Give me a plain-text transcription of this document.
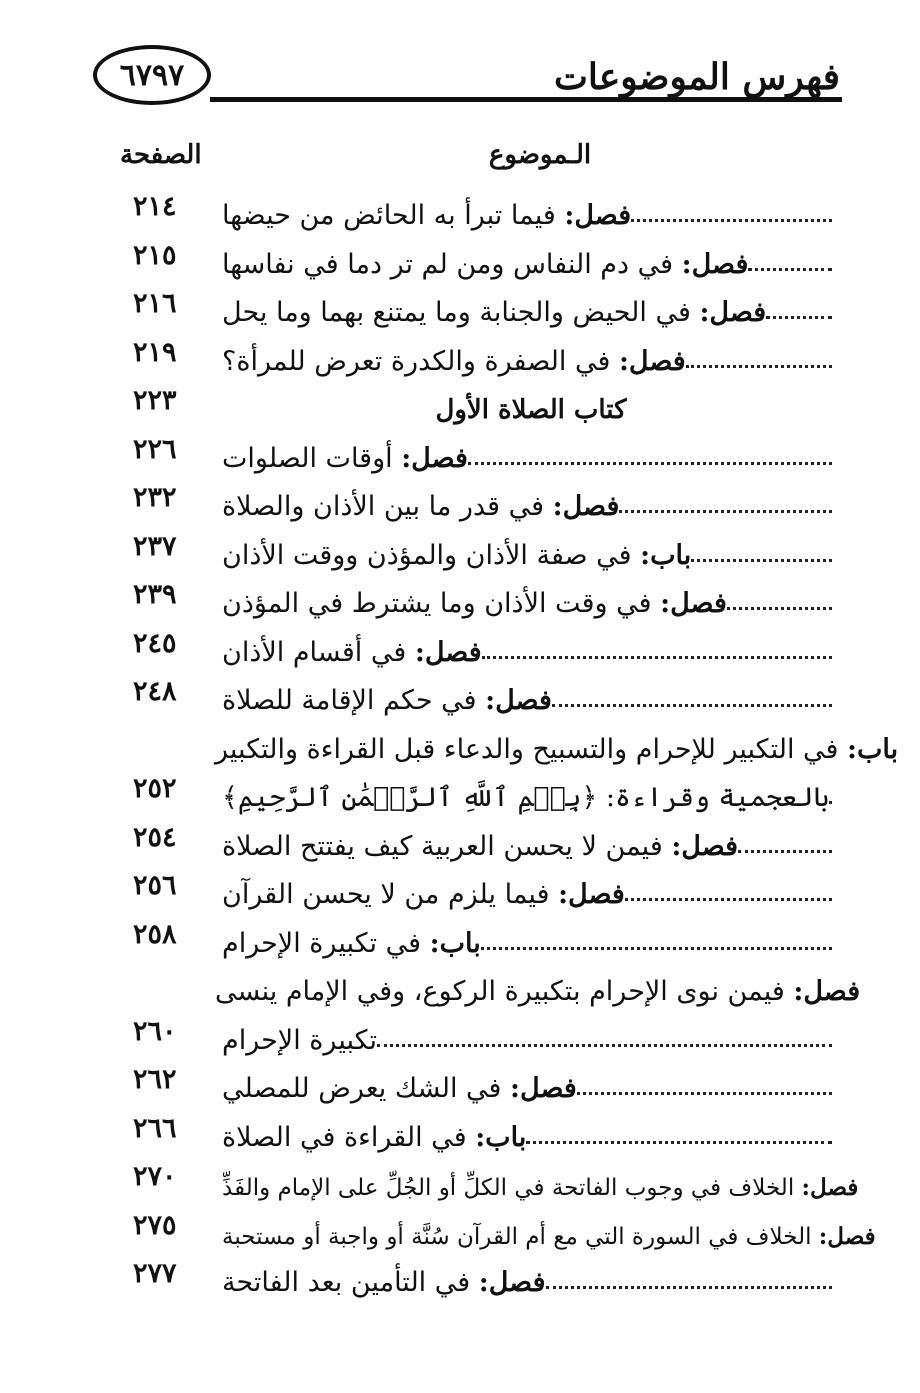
٦٧٩٧	فهرس الموضوعات
الصفحة	الـموضوع
٢١٤	فصل: فيما تبرأ به الحائض من حيضها
٢١٥	فصل: في دم النفاس ومن لم تر دما في نفاسها
٢١٦	فصل: في الحيض والجنابة وما يمتنع بهما وما يحل
٢١٩	فصل: في الصفرة والكدرة تعرض للمرأة؟
٢٢٣	كتاب الصلاة الأول
٢٢٦	فصل: أوقات الصلوات
٢٣٢	فصل: في قدر ما بين الأذان والصلاة
٢٣٧	باب: في صفة الأذان والمؤذن ووقت الأذان
٢٣٩	فصل: في وقت الأذان وما يشترط في المؤذن
٢٤٥	فصل: في أقسام الأذان
٢٤٨	فصل: في حكم الإقامة للصلاة
باب: في التكبير للإحرام والتسبيح والدعاء قبل القراءة والتكبير
٢٥٢	بالعجمية وقراءة: ﴿بِسۡمِ ٱللَّهِ ٱلرَّحۡمَٰنِ ٱلرَّحِيمِ﴾
٢٥٤	فصل: فيمن لا يحسن العربية كيف يفتتح الصلاة
٢٥٦	فصل: فيما يلزم من لا يحسن القرآن
٢٥٨	باب: في تكبيرة الإحرام
فصل: فيمن نوى الإحرام بتكبيرة الركوع، وفي الإمام ينسى
٢٦٠	تكبيرة الإحرام
٢٦٢	فصل: في الشك يعرض للمصلي
٢٦٦	باب: في القراءة في الصلاة
٢٧٠	فصل: الخلاف في وجوب الفاتحة في الكلِّ أو الجُلِّ على الإمام والفَذِّ
٢٧٥	فصل: الخلاف في السورة التي مع أم القرآن سُنَّة أو واجبة أو مستحبة
٢٧٧	فصل: في التأمين بعد الفاتحة
